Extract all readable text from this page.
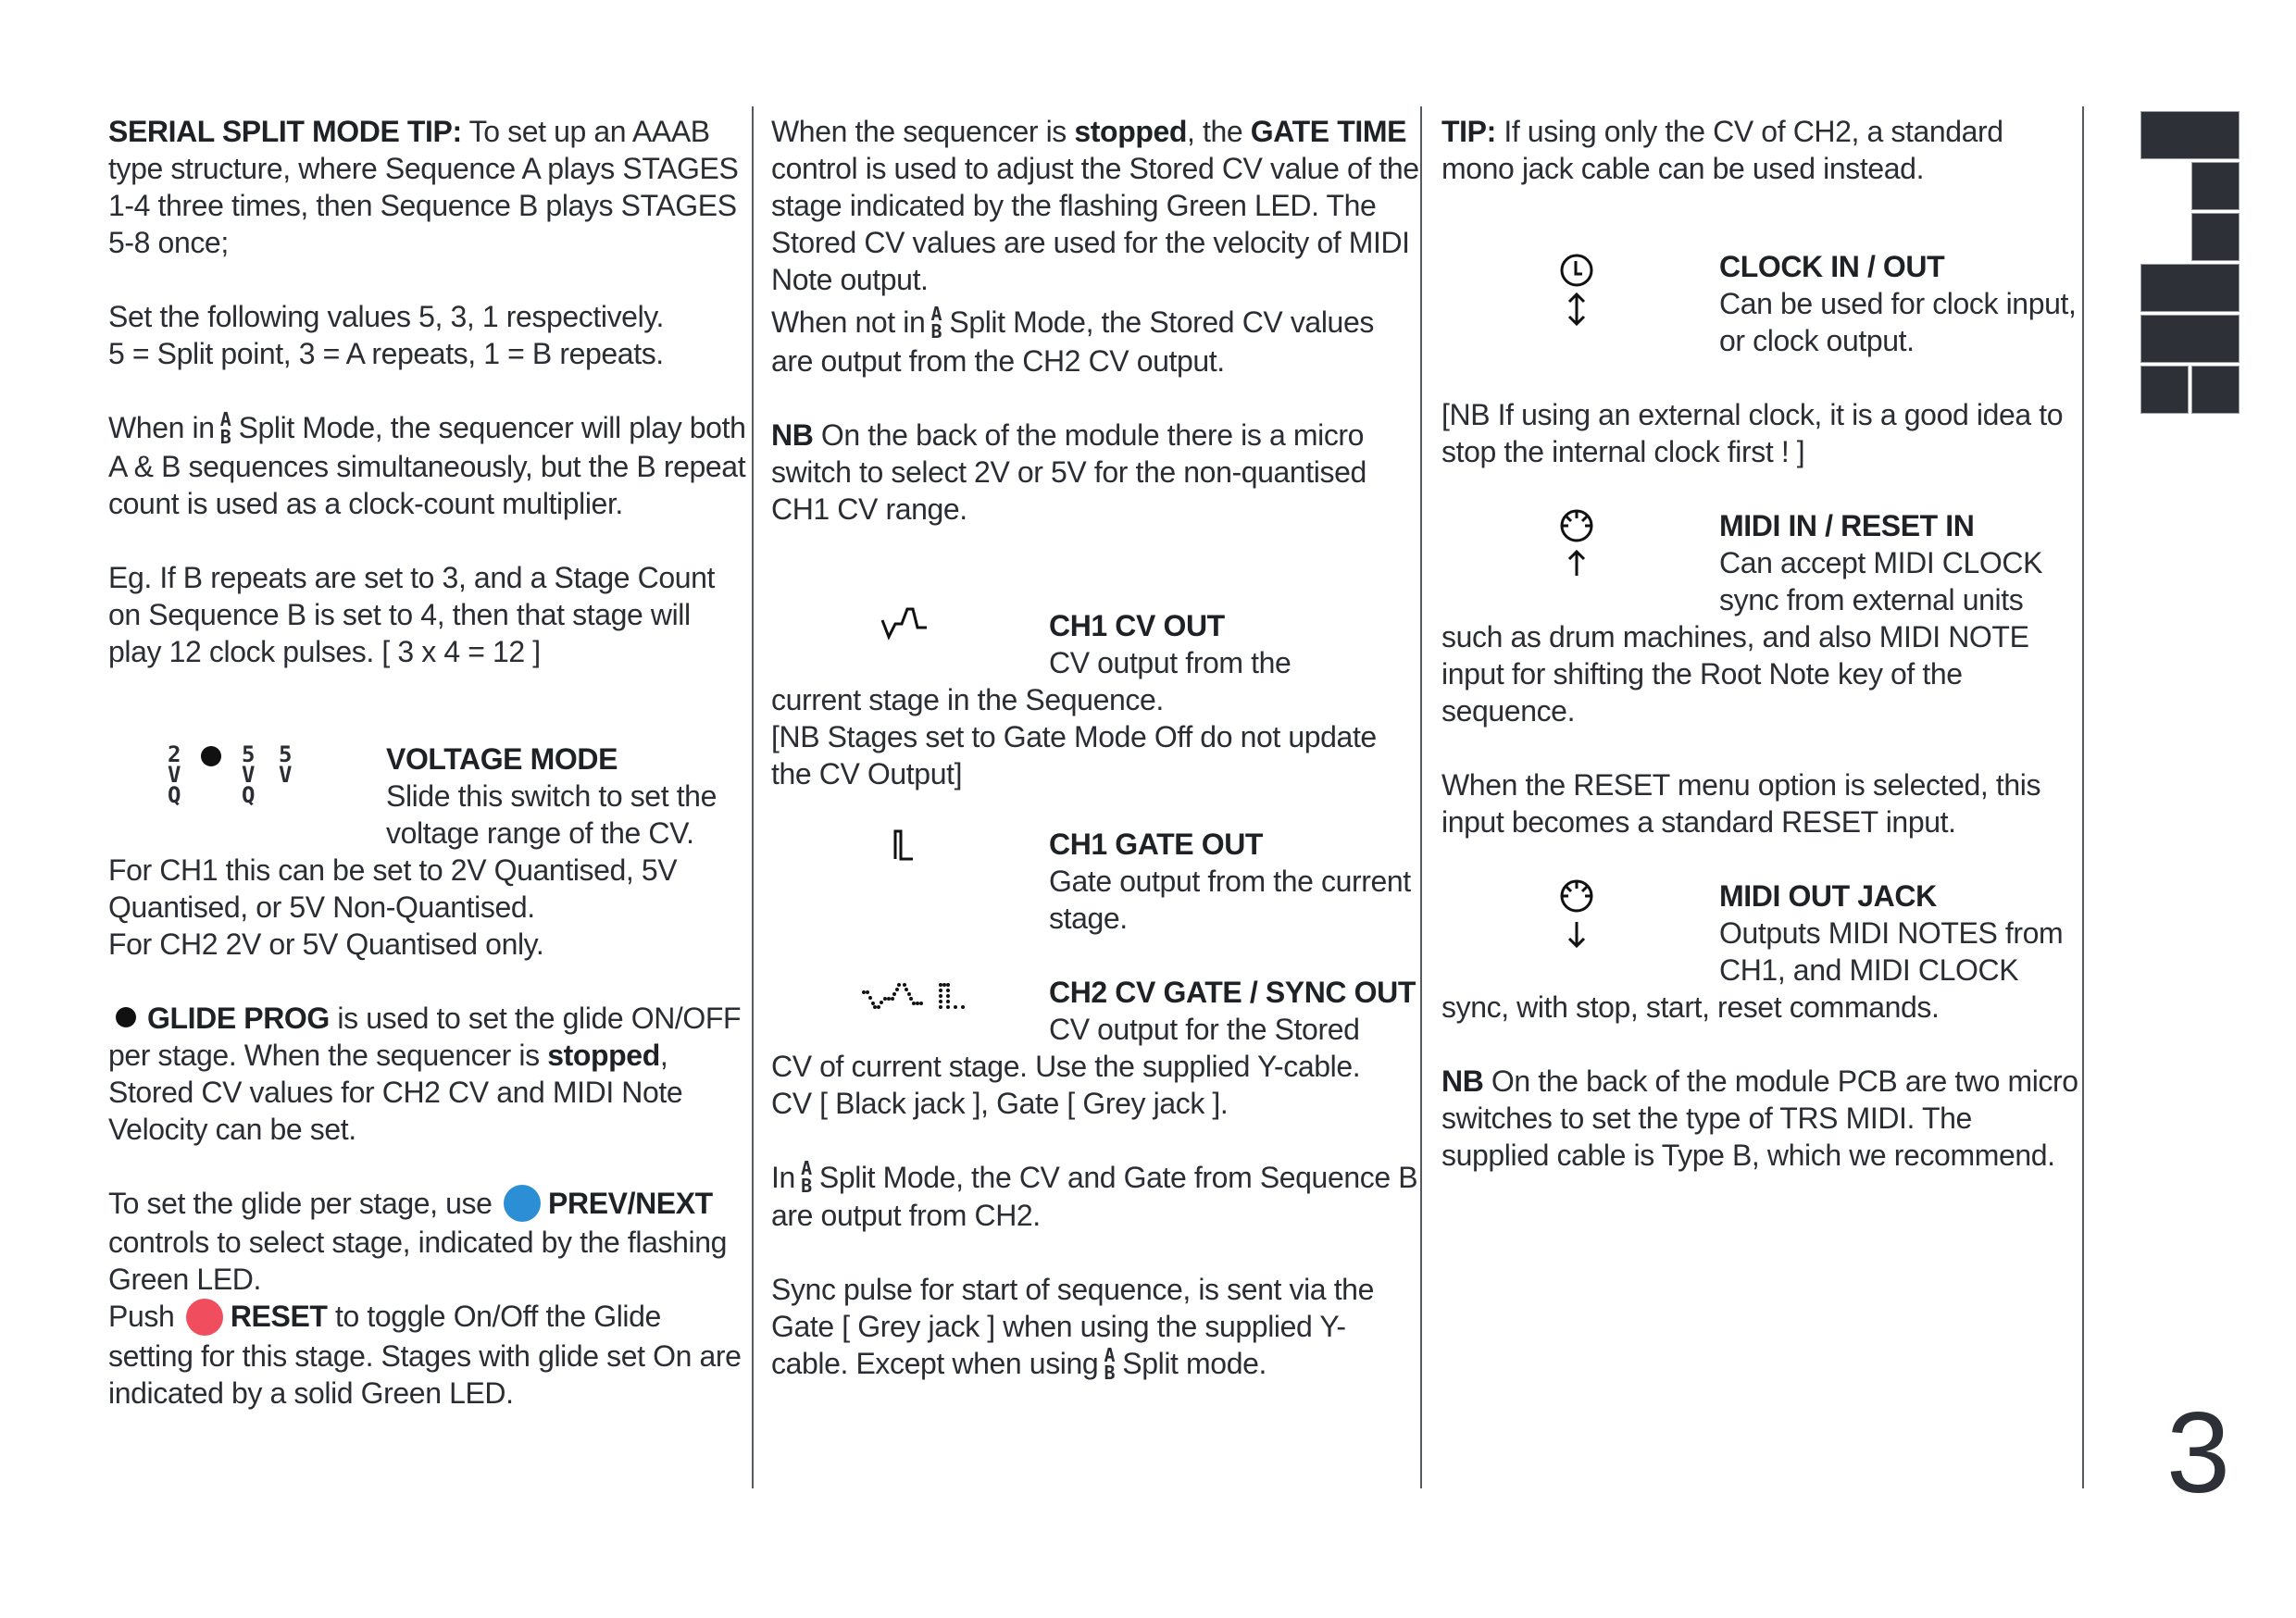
SERIAL SPLIT MODE TIP: To set up an AAAB type structure, where Sequence A plays STAGES 1-4 three times, then Sequence B plays STAGES 5-8 once;

Set the following values 5, 3, 1 respectively.

5 = Split point, 3 = A repeats, 1 = B repeats.

When in A
B Split Mode, the sequencer will play both A & B sequences simultaneously, but the B repeat count is used as a clock-count multiplier.

Eg. If B repeats are set to 3, and a Stage Count on Sequence B is set to 4, then that stage will play 12 clock pulses. [ 3 x 4 = 12 ]

2
V
Q
5
V
Q
5
V	VOLTAGE MODE
Slide this switch to set the voltage range of the CV.

For CH1 this can be set to 2V Quantised, 5V Quantised, or 5V Non-Quantised.

For CH2 2V or 5V Quantised only.

GLIDE PROG is used to set the glide ON/OFF per stage. When the sequencer is stopped, Stored CV values for CH2 CV and MIDI Note Velocity can be set.

To set the glide per stage, use PREV/NEXT controls to select stage, indicated by the flashing Green LED.

Push RESET to toggle On/Off the Glide setting for this stage. Stages with glide set On are indicated by a solid Green LED.

When the sequencer is stopped, the GATE TIME control is used to adjust the Stored CV value of the stage indicated by the flashing Green LED. The Stored CV values are used for the velocity of MIDI Note output.

When not in A
B Split Mode, the Stored CV values are output from the CH2 CV output.

NB On the back of the module there is a micro switch to select 2V or 5V for the non-quantised CH1 CV range.

CH1 CV OUT
CV output from the

current stage in the Sequence.

[NB Stages set to Gate Mode Off do not update the CV Output]

CH1 GATE OUT
Gate output from the current stage.
CH2 CV GATE / SYNC OUT
CV output for the Stored

CV of current stage. Use the supplied Y-cable.

CV [ Black jack ], Gate [ Grey jack ].

In A
B Split Mode, the CV and Gate from Sequence B are output from CH2.

Sync pulse for start of sequence, is sent via the Gate [ Grey jack ] when using the supplied Y-cable. Except when using A
B Split mode.

TIP: If using only the CV of CH2, a standard mono jack cable can be used instead.

CLOCK IN / OUT
Can be used for clock input, or clock output.

[NB If using an external clock, it is a good idea to stop the internal clock first ! ]

MIDI IN / RESET IN
Can accept MIDI CLOCK sync from external units

such as drum machines, and also MIDI NOTE input for shifting the Root Note key of the sequence.

When the RESET menu option is selected, this input becomes a standard RESET input.

MIDI OUT JACK
Outputs MIDI NOTES from CH1, and MIDI CLOCK

sync, with stop, start, reset commands.

NB On the back of the module PCB are two micro switches to set the type of TRS MIDI. The supplied cable is Type B, which we recommend.

3
